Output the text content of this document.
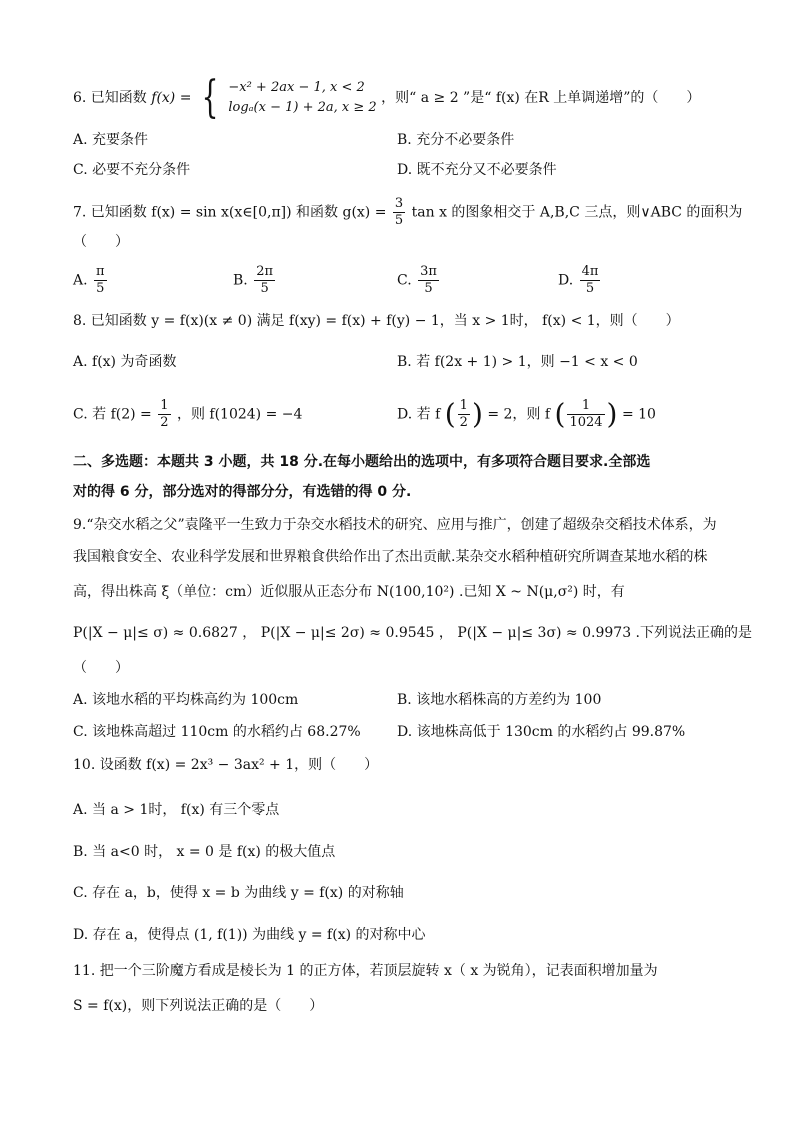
6. 已知函数 f(x) = { −x² + 2ax − 1, x < 2
logₐ(x − 1) + 2a, x ≥ 2
，则“ a ≥ 2 ”是“ f(x) 在R 上单调递增”的（　　）
A. 充要条件	B. 充分不必要条件
C. 必要不充分条件	D. 既不充分又不必要条件
7. 已知函数 f(x) = sin x(x∈[0,π]) 和函数 $g(x) = \frac{3}{5}$ tan x 的图象相交于 A,B,C 三点，则∨ABC 的面积为
（　　）
A. $\frac{\pi}{5}$	B. $\frac{2\pi}{5}$	C. $\frac{3\pi}{5}$	D. $\frac{4\pi}{5}$
8. 已知函数 y = f(x)(x ≠ 0) 满足 f(xy) = f(x) + f(y) − 1，当 x > 1时， f(x) < 1，则（　　）
A. f(x) 为奇函数	B. 若 f(2x + 1) > 1，则 −1 < x < 0
C. 若 $f(2) = \frac{1}{2}$ ，则 f(1024) = −4	D. 若 f ( $\frac{1}{2}$ ) = 2，则 f ( $\frac{1}{1024}$ ) = 10
二、多选题：本题共 3 小题，共 18 分.在每小题给出的选项中，有多项符合题目要求.全部选
对的得 6 分，部分选对的得部分分，有选错的得 0 分.
9.“杂交水稻之父”袁隆平一生致力于杂交水稻技术的研究、应用与推广，创建了超级杂交稻技术体系，为
我国粮食安全、农业科学发展和世界粮食供给作出了杰出贡献.某杂交水稻种植研究所调查某地水稻的株
高，得出株高 ξ（单位：cm）近似服从正态分布 N(100,10²) .已知 X ~ N(μ,σ²) 时，有
P(|X − μ|≤ σ) ≈ 0.6827 ， P(|X − μ|≤ 2σ) ≈ 0.9545 ， P(|X − μ|≤ 3σ) ≈ 0.9973 .下列说法正确的是
（　　）
A. 该地水稻的平均株高约为 100cm	B. 该地水稻株高的方差约为 100
C. 该地株高超过 110cm 的水稻约占 68.27%	D. 该地株高低于 130cm 的水稻约占 99.87%
10. 设函数 f(x) = 2x³ − 3ax² + 1，则（　　）
A. 当 a > 1时， f(x) 有三个零点
B. 当 a<0 时， x = 0 是 f(x) 的极大值点
C. 存在 a，b，使得 x = b 为曲线 y = f(x) 的对称轴
D. 存在 a，使得点 (1, f(1)) 为曲线 y = f(x) 的对称中心
11. 把一个三阶魔方看成是棱长为 1 的正方体，若顶层旋转 x（ x 为锐角），记表面积增加量为
S = f(x)，则下列说法正确的是（　　）
